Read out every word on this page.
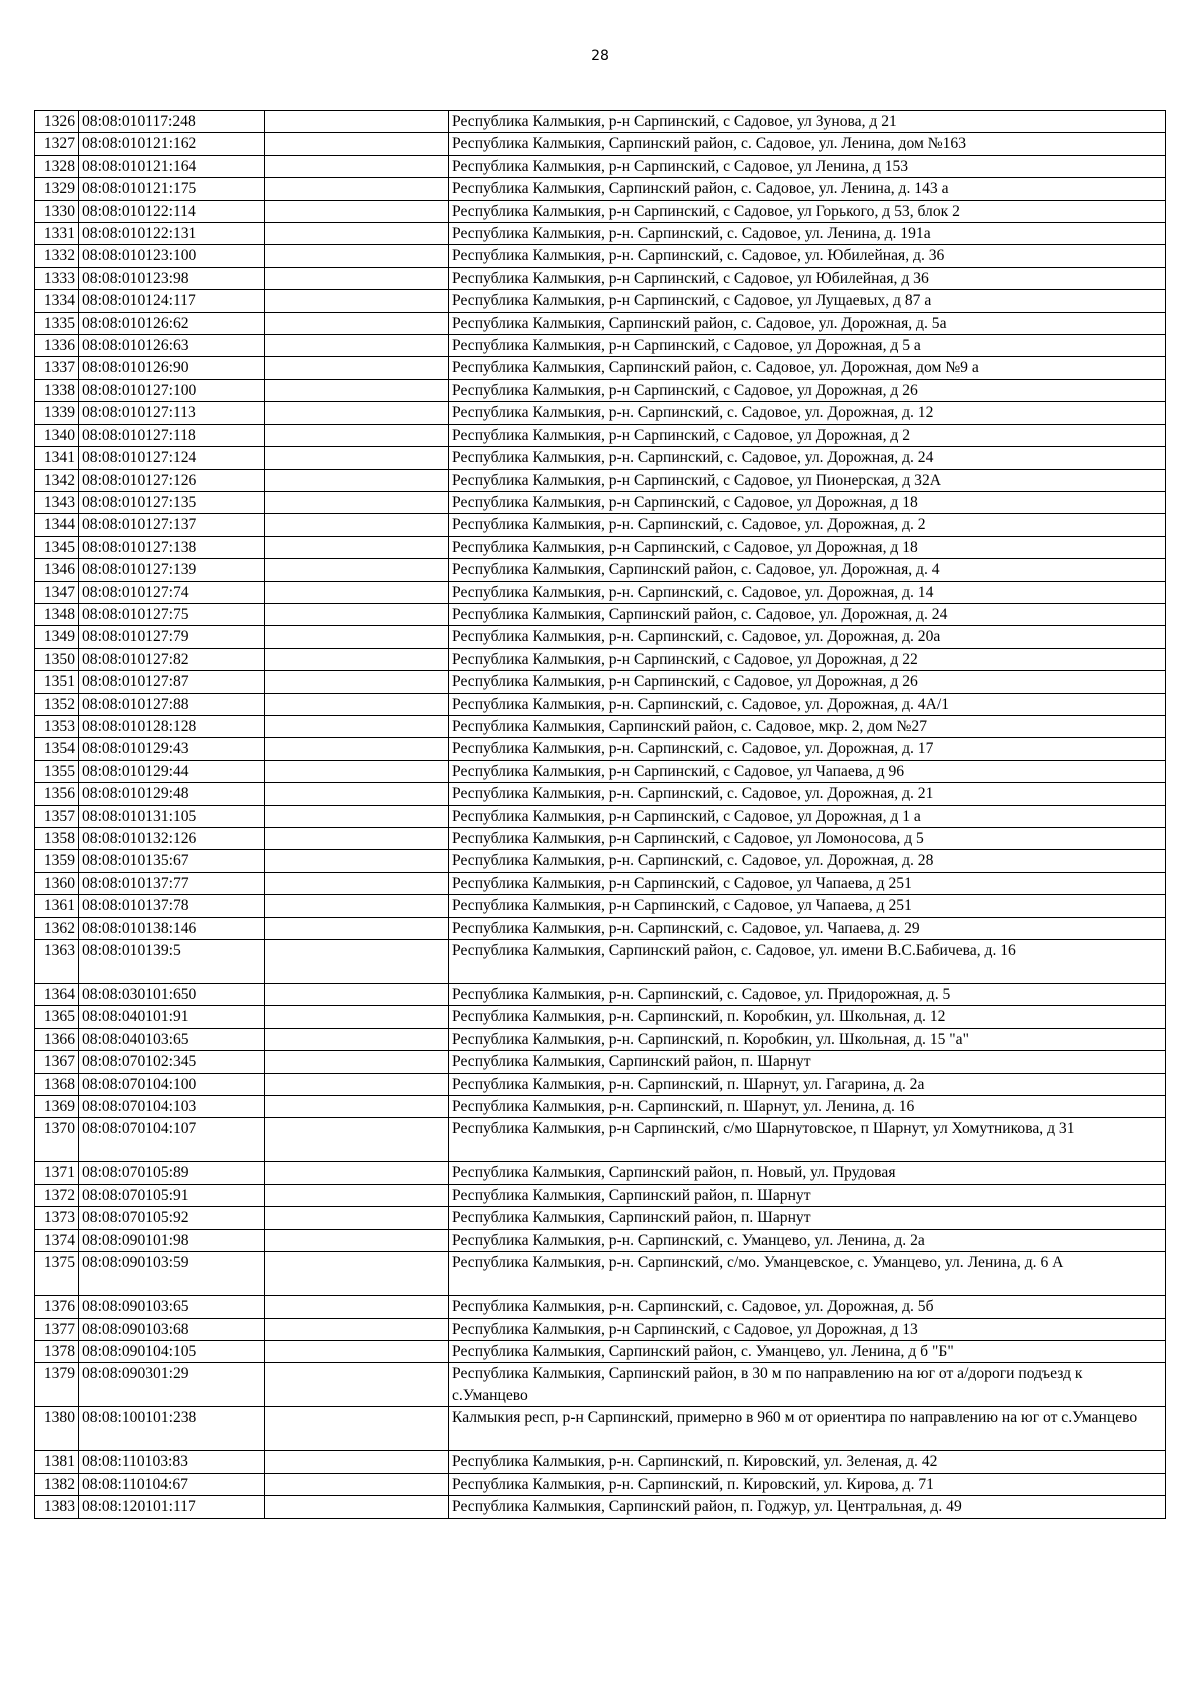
28
1326	08:08:010117:248		Республика Калмыкия, р-н Сарпинский, с Садовое, ул Зунова, д 21
1327	08:08:010121:162		Республика Калмыкия, Сарпинский район, с. Садовое, ул. Ленина, дом №163
1328	08:08:010121:164		Республика Калмыкия, р-н Сарпинский, с Садовое, ул Ленина, д 153
1329	08:08:010121:175		Республика Калмыкия, Сарпинский район, с. Садовое, ул. Ленина, д. 143 а
1330	08:08:010122:114		Республика Калмыкия, р-н Сарпинский, с Садовое, ул Горького, д 53, блок 2
1331	08:08:010122:131		Республика Калмыкия, р-н. Сарпинский, с. Садовое, ул. Ленина, д. 191а
1332	08:08:010123:100		Республика Калмыкия, р-н. Сарпинский, с. Садовое, ул. Юбилейная, д. 36
1333	08:08:010123:98		Республика Калмыкия, р-н Сарпинский, с Садовое, ул Юбилейная, д 36
1334	08:08:010124:117		Республика Калмыкия, р-н Сарпинский, с Садовое, ул Лущаевых, д 87 а
1335	08:08:010126:62		Республика Калмыкия, Сарпинский район, с. Садовое, ул. Дорожная, д. 5а
1336	08:08:010126:63		Республика Калмыкия, р-н Сарпинский, с Садовое, ул Дорожная, д 5 а
1337	08:08:010126:90		Республика Калмыкия, Сарпинский район, с. Садовое, ул. Дорожная, дом №9 а
1338	08:08:010127:100		Республика Калмыкия, р-н Сарпинский, с Садовое, ул Дорожная, д 26
1339	08:08:010127:113		Республика Калмыкия, р-н. Сарпинский, с. Садовое, ул. Дорожная, д. 12
1340	08:08:010127:118		Республика Калмыкия, р-н Сарпинский, с Садовое, ул Дорожная, д 2
1341	08:08:010127:124		Республика Калмыкия, р-н. Сарпинский, с. Садовое, ул. Дорожная, д. 24
1342	08:08:010127:126		Республика Калмыкия, р-н Сарпинский, с Садовое, ул Пионерская, д 32А
1343	08:08:010127:135		Республика Калмыкия, р-н Сарпинский, с Садовое, ул Дорожная, д 18
1344	08:08:010127:137		Республика Калмыкия, р-н. Сарпинский, с. Садовое, ул. Дорожная, д. 2
1345	08:08:010127:138		Республика Калмыкия, р-н Сарпинский, с Садовое, ул Дорожная, д 18
1346	08:08:010127:139		Республика Калмыкия, Сарпинский район, с. Садовое, ул. Дорожная, д. 4
1347	08:08:010127:74		Республика Калмыкия, р-н. Сарпинский, с. Садовое, ул. Дорожная, д. 14
1348	08:08:010127:75		Республика Калмыкия, Сарпинский район, с. Садовое, ул. Дорожная, д. 24
1349	08:08:010127:79		Республика Калмыкия, р-н. Сарпинский, с. Садовое, ул. Дорожная, д. 20а
1350	08:08:010127:82		Республика Калмыкия, р-н Сарпинский, с Садовое, ул Дорожная, д 22
1351	08:08:010127:87		Республика Калмыкия, р-н Сарпинский, с Садовое, ул Дорожная, д 26
1352	08:08:010127:88		Республика Калмыкия, р-н. Сарпинский, с. Садовое, ул. Дорожная, д. 4А/1
1353	08:08:010128:128		Республика Калмыкия, Сарпинский район, с. Садовое, мкр. 2, дом №27
1354	08:08:010129:43		Республика Калмыкия, р-н. Сарпинский, с. Садовое, ул. Дорожная, д. 17
1355	08:08:010129:44		Республика Калмыкия, р-н Сарпинский, с Садовое, ул Чапаева, д 96
1356	08:08:010129:48		Республика Калмыкия, р-н. Сарпинский, с. Садовое, ул. Дорожная, д. 21
1357	08:08:010131:105		Республика Калмыкия, р-н Сарпинский, с Садовое, ул Дорожная, д 1 а
1358	08:08:010132:126		Республика Калмыкия, р-н Сарпинский, с Садовое, ул Ломоносова, д 5
1359	08:08:010135:67		Республика Калмыкия, р-н. Сарпинский, с. Садовое, ул. Дорожная, д. 28
1360	08:08:010137:77		Республика Калмыкия, р-н Сарпинский, с Садовое, ул Чапаева, д 251
1361	08:08:010137:78		Республика Калмыкия, р-н Сарпинский, с Садовое, ул Чапаева, д 251
1362	08:08:010138:146		Республика Калмыкия, р-н. Сарпинский, с. Садовое, ул. Чапаева, д. 29
1363	08:08:010139:5		Республика Калмыкия, Сарпинский район, с. Садовое, ул. имени В.С.Бабичева, д. 16
1364	08:08:030101:650		Республика Калмыкия, р-н. Сарпинский, с. Садовое, ул. Придорожная, д. 5
1365	08:08:040101:91		Республика Калмыкия, р-н. Сарпинский, п. Коробкин, ул. Школьная, д. 12
1366	08:08:040103:65		Республика Калмыкия, р-н. Сарпинский, п. Коробкин, ул. Школьная, д. 15 "а"
1367	08:08:070102:345		Республика Калмыкия, Сарпинский район, п. Шарнут
1368	08:08:070104:100		Республика Калмыкия, р-н. Сарпинский, п. Шарнут, ул. Гагарина, д. 2а
1369	08:08:070104:103		Республика Калмыкия, р-н. Сарпинский, п. Шарнут, ул. Ленина, д. 16
1370	08:08:070104:107		Республика Калмыкия, р-н Сарпинский, с/мо Шарнутовское, п Шарнут, ул Хомутникова, д 31
1371	08:08:070105:89		Республика Калмыкия, Сарпинский район, п. Новый, ул. Прудовая
1372	08:08:070105:91		Республика Калмыкия, Сарпинский район, п. Шарнут
1373	08:08:070105:92		Республика Калмыкия, Сарпинский район, п. Шарнут
1374	08:08:090101:98		Республика Калмыкия, р-н. Сарпинский, с. Уманцево, ул. Ленина, д. 2а
1375	08:08:090103:59		Республика Калмыкия, р-н. Сарпинский, с/мо. Уманцевское, с. Уманцево, ул. Ленина, д. 6 А
1376	08:08:090103:65		Республика Калмыкия, р-н. Сарпинский, с. Садовое, ул. Дорожная, д. 5б
1377	08:08:090103:68		Республика Калмыкия, р-н Сарпинский, с Садовое, ул Дорожная, д 13
1378	08:08:090104:105		Республика Калмыкия, Сарпинский район, с. Уманцево, ул. Ленина, д б "Б"
1379	08:08:090301:29		Республика Калмыкия, Сарпинский район, в 30 м по направлению на юг от а/дороги подъезд к с.Уманцево
1380	08:08:100101:238		Калмыкия респ, р-н Сарпинский, примерно в 960 м от ориентира по направлению на юг от с.Уманцево
1381	08:08:110103:83		Республика Калмыкия, р-н. Сарпинский, п. Кировский, ул. Зеленая, д. 42
1382	08:08:110104:67		Республика Калмыкия, р-н. Сарпинский, п. Кировский, ул. Кирова, д. 71
1383	08:08:120101:117		Республика Калмыкия, Сарпинский район, п. Годжур, ул. Центральная, д. 49
